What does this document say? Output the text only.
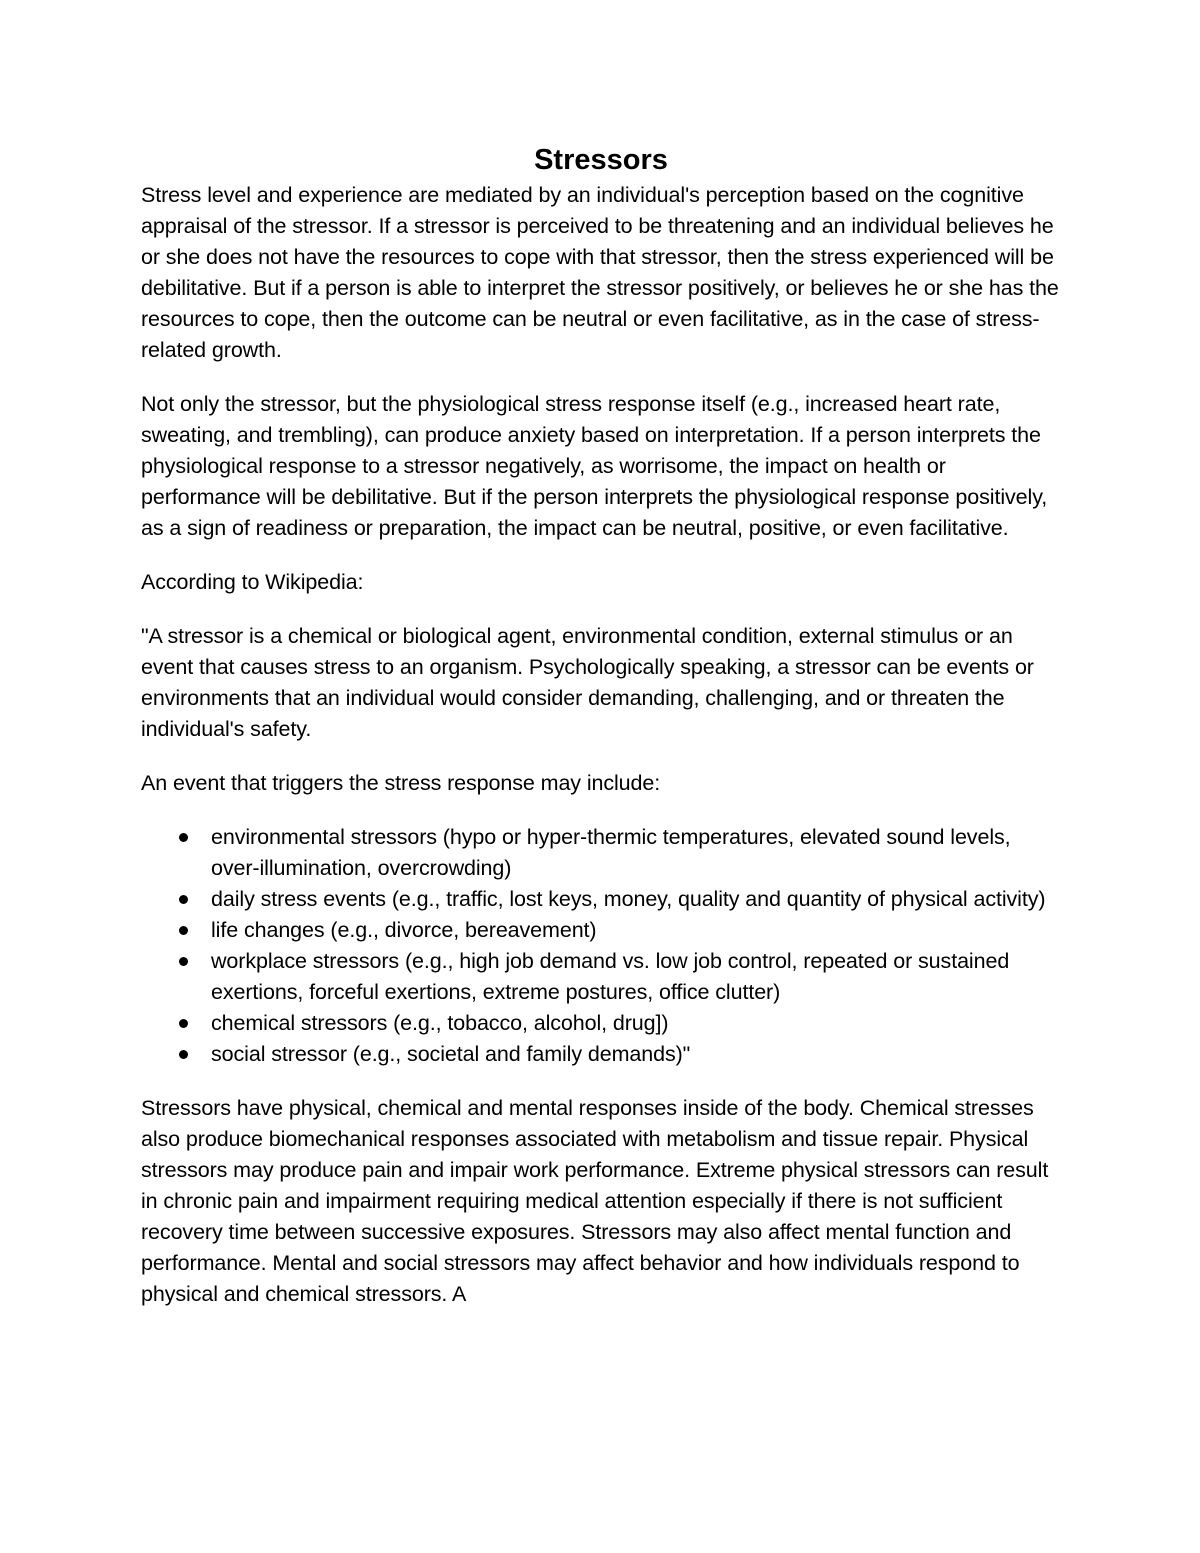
Stressors

Stress level and experience are mediated by an individual's perception based on the cognitive appraisal of the stressor. If a stressor is perceived to be threatening and an individual believes he or she does not have the resources to cope with that stressor, then the stress experienced will be debilitative. But if a person is able to interpret the stressor positively, or believes he or she has the resources to cope, then the outcome can be neutral or even facilitative, as in the case of stress-related growth.

Not only the stressor, but the physiological stress response itself (e.g., increased heart rate, sweating, and trembling), can produce anxiety based on interpretation. If a person interprets the physiological response to a stressor negatively, as worrisome, the impact on health or performance will be debilitative. But if the person interprets the physiological response positively, as a sign of readiness or preparation, the impact can be neutral, positive, or even facilitative.

According to Wikipedia:

"A stressor is a chemical or biological agent, environmental condition, external stimulus or an event that causes stress to an organism. Psychologically speaking, a stressor can be events or environments that an individual would consider demanding, challenging, and or threaten the individual's safety.

An event that triggers the stress response may include:

environmental stressors (hypo or hyper-thermic temperatures, elevated sound levels, over-illumination, overcrowding)
daily stress events (e.g., traffic, lost keys, money, quality and quantity of physical activity)
life changes (e.g., divorce, bereavement)
workplace stressors (e.g., high job demand vs. low job control, repeated or sustained exertions, forceful exertions, extreme postures, office clutter)
chemical stressors (e.g., tobacco, alcohol, drug])
social stressor (e.g., societal and family demands)"

Stressors have physical, chemical and mental responses inside of the body. Chemical stresses also produce biomechanical responses associated with metabolism and tissue repair. Physical stressors may produce pain and impair work performance. Extreme physical stressors can result in chronic pain and impairment requiring medical attention especially if there is not sufficient recovery time between successive exposures. Stressors may also affect mental function and performance. Mental and social stressors may affect behavior and how individuals respond to physical and chemical stressors. A
